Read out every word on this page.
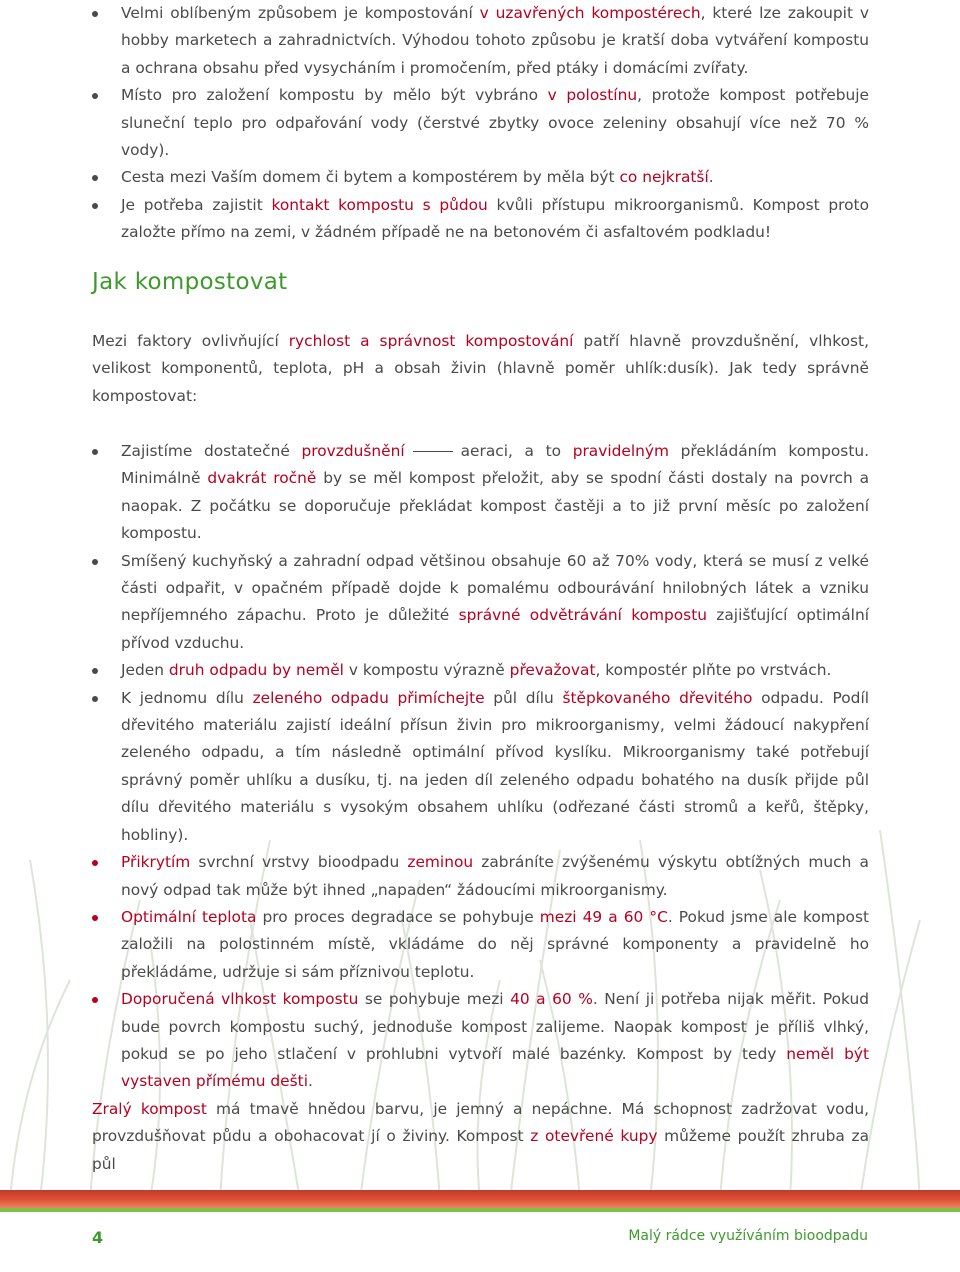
Velmi oblíbeným způsobem je kompostování v uzavřených kompostérech, které lze zakoupit v hobby marketech a zahradnictvích. Výhodou tohoto způsobu je kratší doba vytváření kompostu a ochrana obsahu před vysycháním i promočením, před ptáky i domácími zvířaty.
Místo pro založení kompostu by mělo být vybráno v polostínu, protože kompost potřebuje sluneční teplo pro odpařování vody (čerstvé zbytky ovoce zeleniny obsahují více než 70 % vody).
Cesta mezi Vaším domem či bytem a kompostérem by měla být co nejkratší.
Je potřeba zajistit kontakt kompostu s půdou kvůli přístupu mikroorganismů. Kompost proto založte přímo na zemi, v žádném případě ne na betonovém či asfaltovém podkladu!
Jak kompostovat

Mezi faktory ovlivňující rychlost a správnost kompostování patří hlavně provzdušnění, vlhkost, velikost komponentů, teplota, pH a obsah živin (hlavně poměr uhlík:dusík). Jak tedy správně kompostovat:

Zajistíme dostatečné provzdušnění	aeraci, a to pravidelným překládáním kompostu. Minimálně dvakrát ročně by se měl kompost přeložit, aby se spodní části dostaly na povrch a naopak. Z počátku se doporučuje překládat kompost častěji a to již první měsíc po založení kompostu.
Smíšený kuchyňský a zahradní odpad většinou obsahuje 60 až 70% vody, která se musí z velké části odpařit, v opačném případě dojde k pomalému odbourávání hnilobných látek a vzniku nepříjemného zápachu. Proto je důležité správné odvětrávání kompostu zajišťující optimální přívod vzduchu.
Jeden druh odpadu by neměl v kompostu výrazně převažovat, kompostér plňte po vrstvách.
K jednomu dílu zeleného odpadu přimíchejte půl dílu štěpkovaného dřevitého odpadu. Podíl dřevitého materiálu zajistí ideální přísun živin pro mikroorganismy, velmi žádoucí nakypření zeleného odpadu, a tím následně optimální přívod kyslíku. Mikroorganismy také potřebují správný poměr uhlíku a dusíku, tj. na jeden díl zeleného odpadu bohatého na dusík přijde půl dílu dřevitého materiálu s vysokým obsahem uhlíku (odřezané části stromů a keřů, štěpky, hobliny).
Přikrytím svrchní vrstvy bioodpadu zeminou zabráníte zvýšenému výskytu obtížných much a nový odpad tak může být ihned „napaden“ žádoucími mikroorganismy.
Optimální teplota pro proces degradace se pohybuje mezi 49 a 60 °C. Pokud jsme ale kompost založili na polostinném místě, vkládáme do něj správné komponenty a pravidelně ho překládáme, udržuje si sám příznivou teplotu.
Doporučená vlhkost kompostu se pohybuje mezi 40 a 60 %. Není ji potřeba nijak měřit. Pokud bude povrch kompostu suchý, jednoduše kompost zalijeme. Naopak kompost je příliš vlhký, pokud se po jeho stlačení v prohlubni vytvoří malé bazénky. Kompost by tedy neměl být vystaven přímému dešti.

Zralý kompost má tmavě hnědou barvu, je jemný a nepáchne. Má schopnost zadržovat vodu, provzdušňovat půdu a obohacovat jí o živiny. Kompost z otevřené kupy můžeme použít zhruba za půl

4	Malý rádce využíváním bioodpadu
